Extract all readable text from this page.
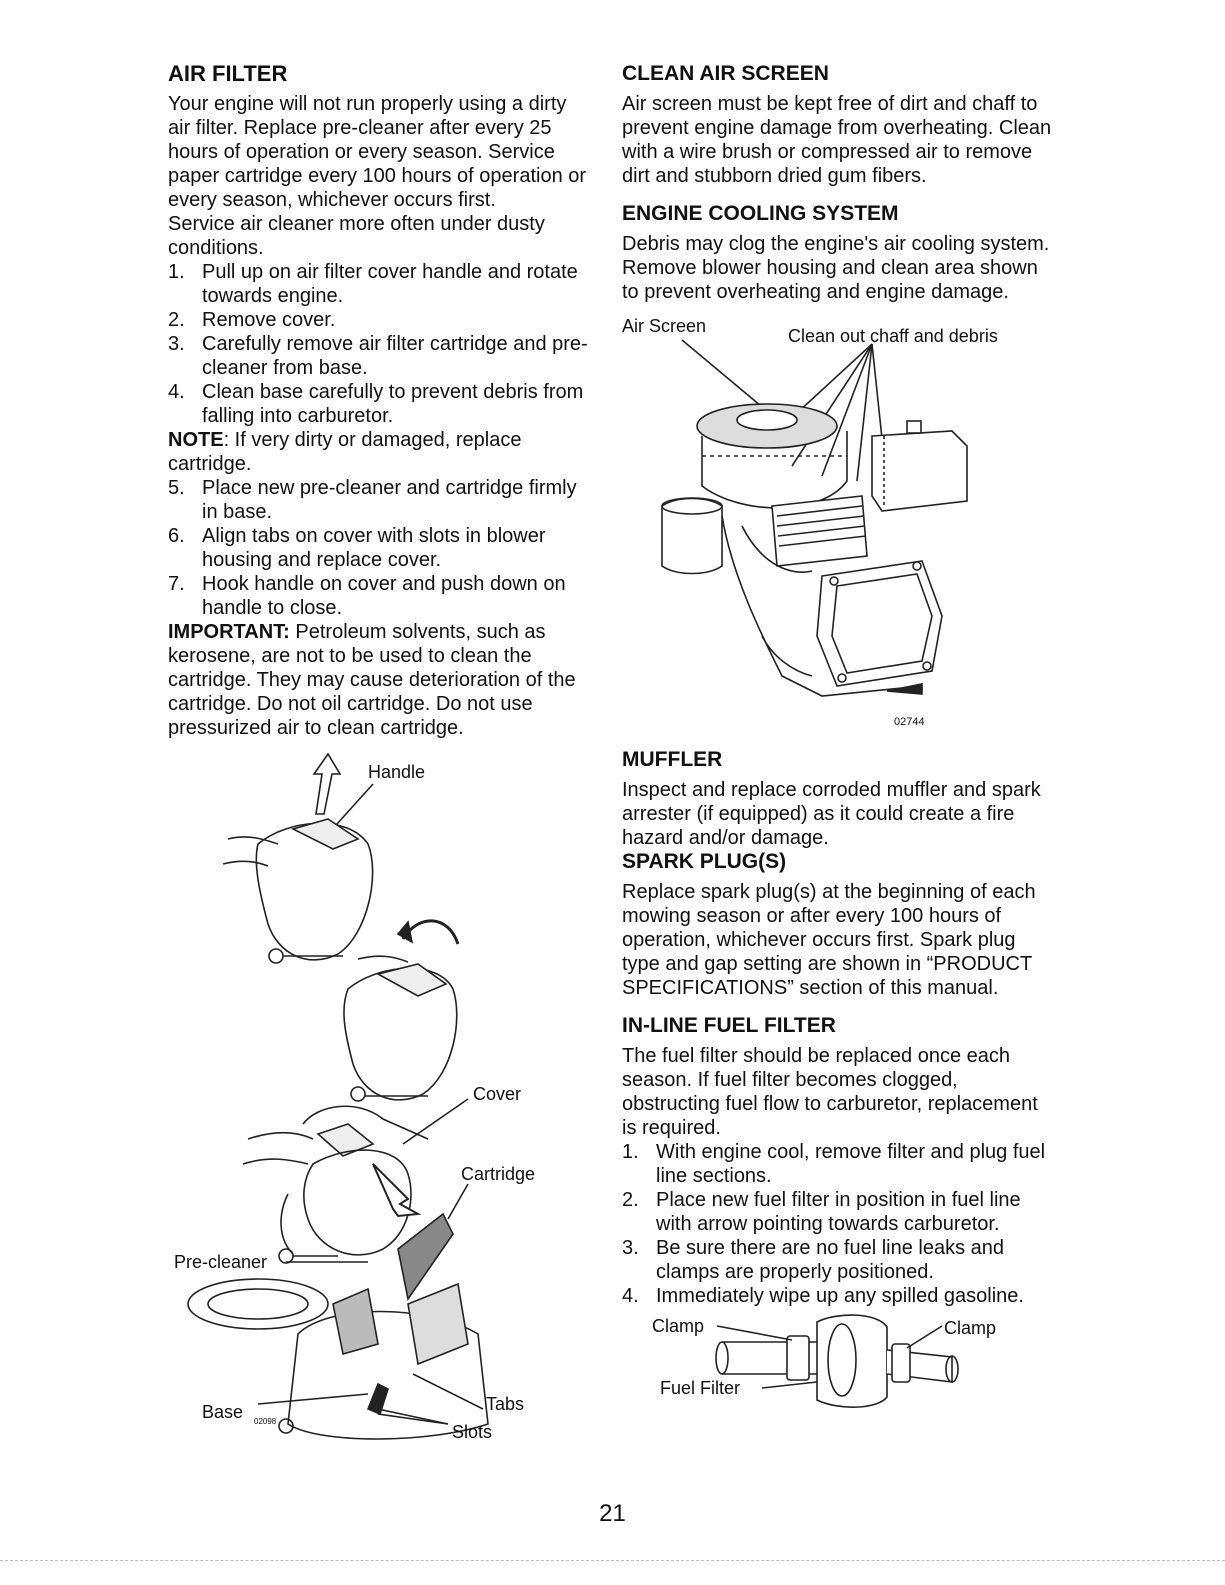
AIR FILTER

Your engine will not run properly using a dirty air filter. Replace pre-cleaner after every 25 hours of operation or every season. Service paper cartridge every 100 hours of operation or every season, whichever occurs first.

Service air cleaner more often under dusty conditions.

1. Pull up on air filter cover handle and rotate towards engine.
2. Remove cover.
3. Carefully remove air filter cartridge and pre-cleaner from base.
4. Clean base carefully to prevent debris from falling into carburetor.

NOTE: If very dirty or damaged, replace cartridge.

5. Place new pre-cleaner and cartridge firmly in base.
6. Align tabs on cover with slots in blower housing and replace cover.
7. Hook handle on cover and push down on handle to close.

IMPORTANT: Petroleum solvents, such as kerosene, are not to be used to clean the cartridge. They may cause deterioration of the cartridge. Do not oil cartridge. Do not use pressurized air to clean cartridge.

Handle
Cover
Cartridge
Pre-cleaner
Base	Tabs
Slots
02098
CLEAN AIR SCREEN

Air screen must be kept free of dirt and chaff to prevent engine damage from overheating. Clean with a wire brush or compressed air to remove dirt and stubborn dried gum fibers.

ENGINE COOLING SYSTEM

Debris may clog the engine's air cooling system. Remove blower housing and clean area shown to prevent overheating and engine damage.

Air Screen	Clean out chaff and debris
02744
MUFFLER

Inspect and replace corroded muffler and spark arrester (if equipped) as it could create a fire hazard and/or damage.

SPARK PLUG(S)

Replace spark plug(s) at the beginning of each mowing season or after every 100 hours of operation, whichever occurs first. Spark plug type and gap setting are shown in “PRODUCT SPECIFICATIONS” section of this manual.

IN-LINE FUEL FILTER

The fuel filter should be replaced once each season. If fuel filter becomes clogged, obstructing fuel flow to carburetor, replacement is required.

1. With engine cool, remove filter and plug fuel line sections.
2. Place new fuel filter in position in fuel line with arrow pointing towards carburetor.
3. Be sure there are no fuel line leaks and clamps are properly positioned.
4. Immediately wipe up any spilled gasoline.
Clamp	Clamp
Fuel Filter
21
